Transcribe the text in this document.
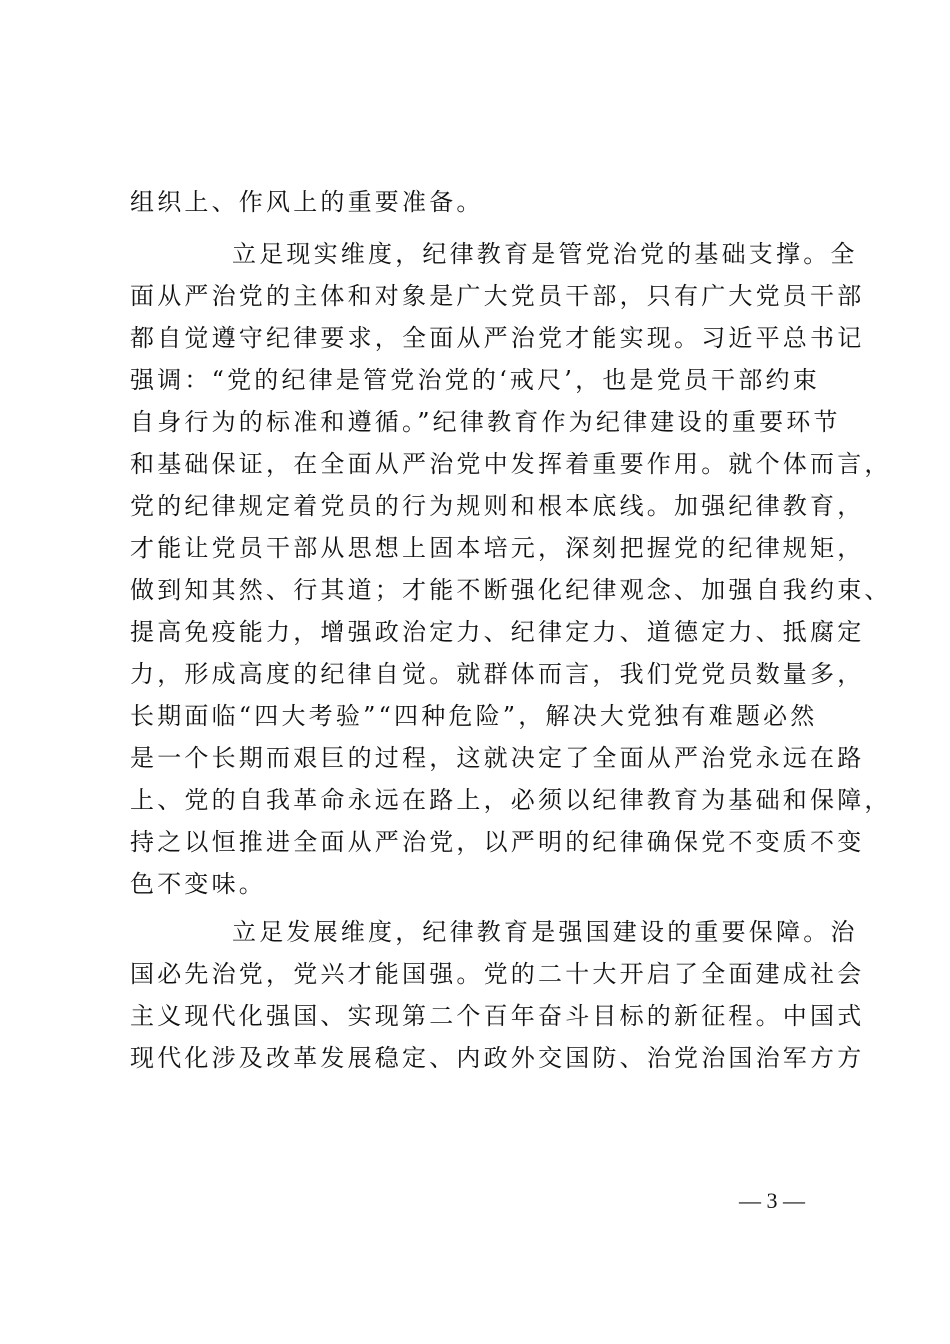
组织上、作风上的重要准备。
立足现实维度，纪律教育是管党治党的基础支撑。全
面从严治党的主体和对象是广大党员干部，只有广大党员干部
都自觉遵守纪律要求，全面从严治党才能实现。习近平总书记
强调：“党的纪律是管党治党的‘戒尺’，也是党员干部约束
自身行为的标准和遵循。”纪律教育作为纪律建设的重要环节
和基础保证，在全面从严治党中发挥着重要作用。就个体而言，
党的纪律规定着党员的行为规则和根本底线。加强纪律教育，
才能让党员干部从思想上固本培元，深刻把握党的纪律规矩，
做到知其然、行其道；才能不断强化纪律观念、加强自我约束、
提高免疫能力，增强政治定力、纪律定力、道德定力、抵腐定
力，形成高度的纪律自觉。就群体而言，我们党党员数量多，
长期面临“四大考验”“四种危险”，解决大党独有难题必然
是一个长期而艰巨的过程，这就决定了全面从严治党永远在路
上、党的自我革命永远在路上，必须以纪律教育为基础和保障，
持之以恒推进全面从严治党，以严明的纪律确保党不变质不变
色不变味。
立足发展维度，纪律教育是强国建设的重要保障。治
国必先治党，党兴才能国强。党的二十大开启了全面建成社会
主义现代化强国、实现第二个百年奋斗目标的新征程。中国式
现代化涉及改革发展稳定、内政外交国防、治党治国治军方方
— 3 —
